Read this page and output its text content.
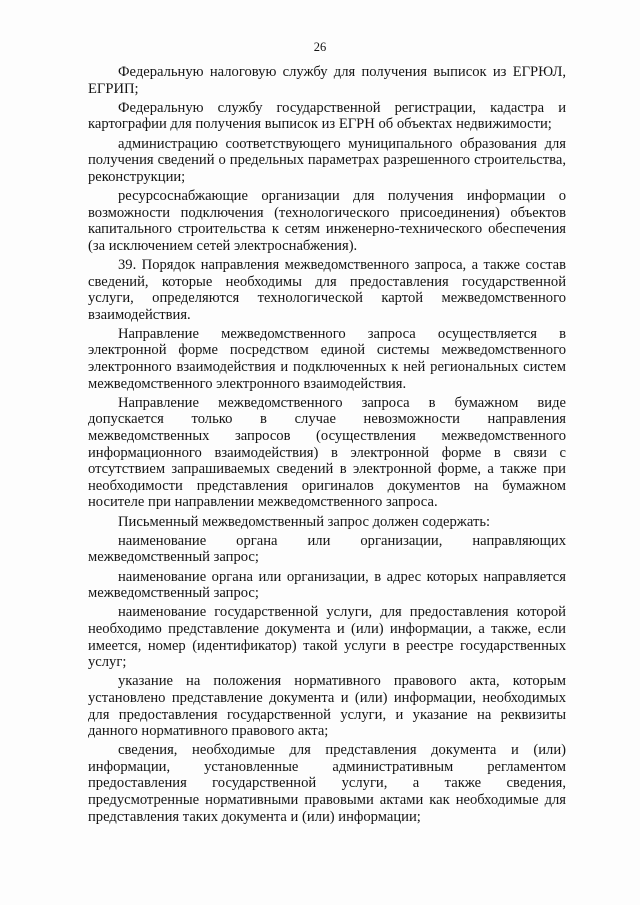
26

Федеральную налоговую службу для получения выписок из ЕГРЮЛ, ЕГРИП;

Федеральную службу государственной регистрации, кадастра и картографии для получения выписок из ЕГРН об объектах недвижимости;

администрацию соответствующего муниципального образования для получения сведений о предельных параметрах разрешенного строительства, реконструкции;

ресурсоснабжающие организации для получения информации о возможности подключения (технологического присоединения) объектов капитального строительства к сетям инженерно-технического обеспечения (за исключением сетей электроснабжения).

39. Порядок направления межведомственного запроса, а также состав сведений, которые необходимы для предоставления государственной услуги, определяются технологической картой межведомственного взаимодействия.

Направление межведомственного запроса осуществляется в электронной форме посредством единой системы межведомственного электронного взаимодействия и подключенных к ней региональных систем межведомственного электронного взаимодействия.

Направление межведомственного запроса в бумажном виде допускается только в случае невозможности направления межведомственных запросов (осуществления межведомственного информационного взаимодействия) в электронной форме в связи с отсутствием запрашиваемых сведений в электронной форме, а также при необходимости представления оригиналов документов на бумажном носителе при направлении межведомственного запроса.

Письменный межведомственный запрос должен содержать:

наименование органа или организации, направляющих межведомственный запрос;

наименование органа или организации, в адрес которых направляется межведомственный запрос;

наименование государственной услуги, для предоставления которой необходимо представление документа и (или) информации, а также, если имеется, номер (идентификатор) такой услуги в реестре государственных услуг;

указание на положения нормативного правового акта, которым установлено представление документа и (или) информации, необходимых для предоставления государственной услуги, и указание на реквизиты данного нормативного правового акта;

сведения, необходимые для представления документа и (или) информации, установленные административным регламентом предоставления государственной услуги, а также сведения, предусмотренные нормативными правовыми актами как необходимые для представления таких документа и (или) информации;
